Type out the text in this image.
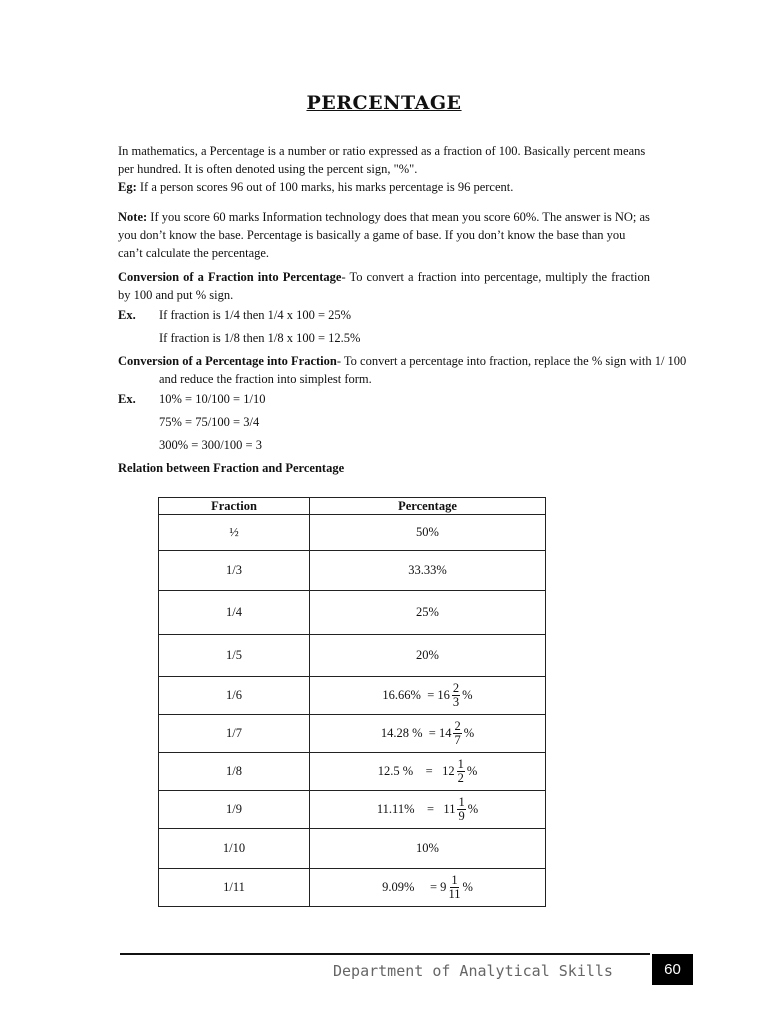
PERCENTAGE
In mathematics, a Percentage is a number or ratio expressed as a fraction of 100. Basically percent means per hundred. It is often denoted using the percent sign, "%".
Eg: If a person scores 96 out of 100 marks, his marks percentage is 96 percent.
Note: If you score 60 marks Information technology does that mean you score 60%. The answer is NO; as you don’t know the base. Percentage is basically a game of base. If you don’t know the base than you can’t calculate the percentage.
Conversion of a Fraction into Percentage- To convert a fraction into percentage, multiply the fraction by 100 and put % sign.
Ex. If fraction is 1/4 then 1/4 x 100 = 25%
If fraction is 1/8 then 1/8 x 100 = 12.5%
Conversion of a Percentage into Fraction- To convert a percentage into fraction, replace the % sign with 1/ 100 and reduce the fraction into simplest form.
Ex. 10% = 10/100 = 1/10
75% = 75/100 = 3/4
300% = 300/100 = 3
Relation between Fraction and Percentage
Fraction	Percentage
½	50%
1/3	33.33%
1/4	25%
1/5	20%
1/6	$16.66\% = 16 \frac{2}{3}$ %

1/7	14.28 %  = $14 \frac{2}{7}$ %

1/8	12.5 %    =   $12 \frac{1}{2}$ %

1/9	11.11%    =   $11 \frac{1}{9}$ %

1/10	10%
1/11	9.09%     = $9 \frac{1}{11}$ %
Department of Analytical Skills	60
